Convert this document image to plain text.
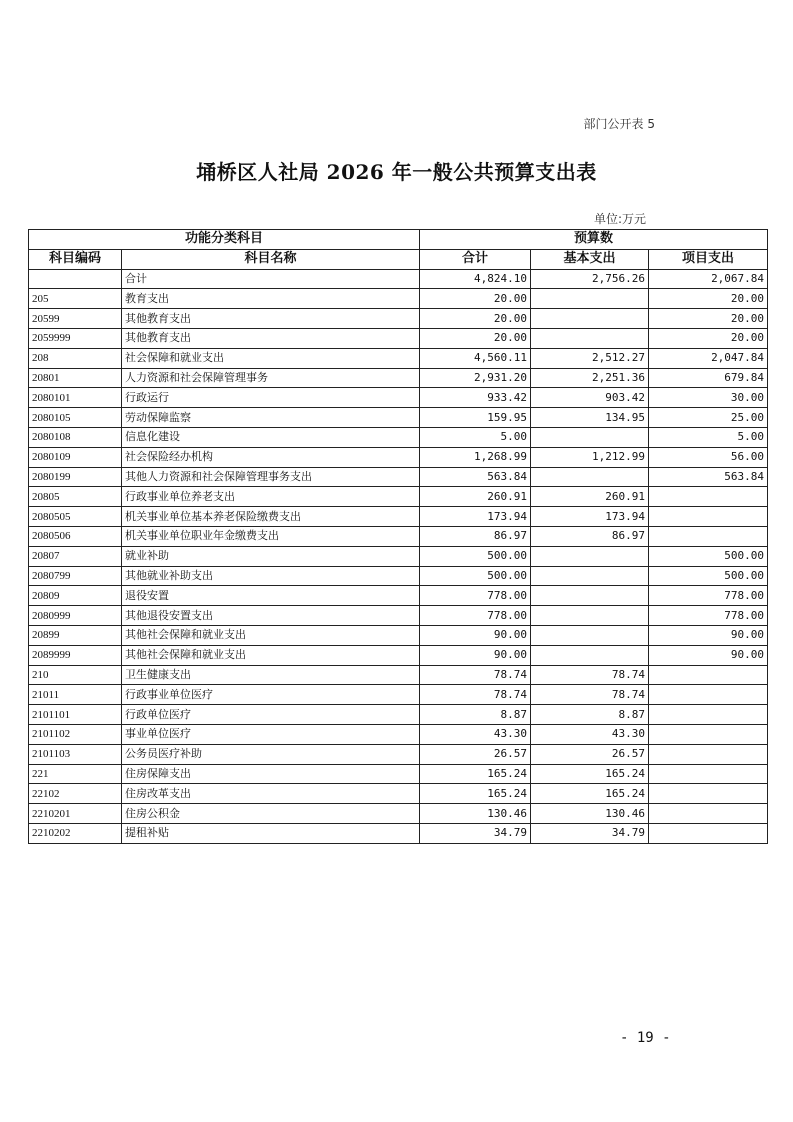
部门公开表 5
埇桥区人社局 2026 年一般公共预算支出表
单位:万元
功能分类科目		预算数		
科目编码	科目名称	合计	基本支出	项目支出
	合计	4,824.10	2,756.26	2,067.84
205	教育支出	20.00		20.00
20599	其他教育支出	20.00		20.00
2059999	其他教育支出	20.00		20.00
208	社会保障和就业支出	4,560.11	2,512.27	2,047.84
20801	人力资源和社会保障管理事务	2,931.20	2,251.36	679.84
2080101	行政运行	933.42	903.42	30.00
2080105	劳动保障监察	159.95	134.95	25.00
2080108	信息化建设	5.00		5.00
2080109	社会保险经办机构	1,268.99	1,212.99	56.00
2080199	其他人力资源和社会保障管理事务支出	563.84		563.84
20805	行政事业单位养老支出	260.91	260.91	
2080505	机关事业单位基本养老保险缴费支出	173.94	173.94	
2080506	机关事业单位职业年金缴费支出	86.97	86.97	
20807	就业补助	500.00		500.00
2080799	其他就业补助支出	500.00		500.00
20809	退役安置	778.00		778.00
2080999	其他退役安置支出	778.00		778.00
20899	其他社会保障和就业支出	90.00		90.00
2089999	其他社会保障和就业支出	90.00		90.00
210	卫生健康支出	78.74	78.74	
21011	行政事业单位医疗	78.74	78.74	
2101101	行政单位医疗	8.87	8.87	
2101102	事业单位医疗	43.30	43.30	
2101103	公务员医疗补助	26.57	26.57	
221	住房保障支出	165.24	165.24	
22102	住房改革支出	165.24	165.24	
2210201	住房公积金	130.46	130.46	
2210202	提租补贴	34.79	34.79	
- 19 -
